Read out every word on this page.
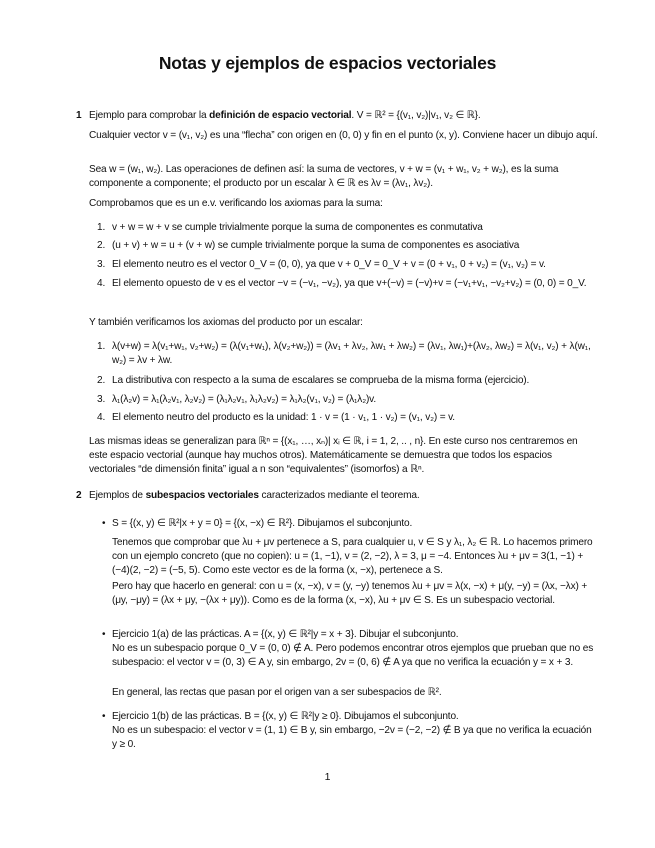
Notas y ejemplos de espacios vectoriales
1 Ejemplo para comprobar la definición de espacio vectorial. V = ℝ² = {(v₁, v₂)|v₁, v₂ ∈ ℝ}.
Cualquier vector v = (v₁, v₂) es una “flecha” con origen en (0, 0) y fin en el punto (x, y). Conviene hacer un dibujo aquí.
Sea w = (w₁, w₂). Las operaciones de definen así: la suma de vectores, v + w = (v₁ + w₁, v₂ + w₂), es la suma componente a componente; el producto por un escalar λ ∈ ℝ es λv = (λv₁, λv₂).
Comprobamos que es un e.v. verificando los axiomas para la suma:
1. v + w = w + v se cumple trivialmente porque la suma de componentes es conmutativa
2. (u + v) + w = u + (v + w) se cumple trivialmente porque la suma de componentes es asociativa
3. El elemento neutro es el vector 0_V = (0, 0), ya que v + 0_V = 0_V + v = (0 + v₁, 0 + v₂) = (v₁, v₂) = v.
4. El elemento opuesto de v es el vector −v = (−v₁, −v₂), ya que v+(−v) = (−v)+v = (−v₁+v₁, −v₂+v₂) = (0, 0) = 0_V.
Y también verificamos los axiomas del producto por un escalar:
1. λ(v+w) = λ(v₁+w₁, v₂+w₂) = (λ(v₁+w₁), λ(v₂+w₂)) = (λv₁ + λv₂, λw₁ + λw₂) = (λv₁, λw₁)+(λv₂, λw₂) = λ(v₁, v₂) + λ(w₁, w₂) = λv + λw.
2. La distributiva con respecto a la suma de escalares se comprueba de la misma forma (ejercicio).
3. λ₁(λ₂v) = λ₁(λ₂v₁, λ₂v₂) = (λ₁λ₂v₁, λ₁λ₂v₂) = λ₁λ₂(v₁, v₂) = (λ₁λ₂)v.
4. El elemento neutro del producto es la unidad: 1 · v = (1 · v₁, 1 · v₂) = (v₁, v₂) = v.
Las mismas ideas se generalizan para ℝⁿ = {(x₁, …, xₙ)| xᵢ ∈ ℝ, i = 1, 2, .. , n}. En este curso nos centraremos en este espacio vectorial (aunque hay muchos otros). Matemáticamente se demuestra que todos los espacios vectoriales “de dimensión finita” igual a n son “equivalentes” (isomorfos) a ℝⁿ.
2 Ejemplos de subespacios vectoriales caracterizados mediante el teorema.
• S = {(x, y) ∈ ℝ²|x + y = 0} = {(x, −x) ∈ ℝ²}. Dibujamos el subconjunto.
Tenemos que comprobar que λu + μv pertenece a S, para cualquier u, v ∈ S y λ₁, λ₂ ∈ ℝ. Lo hacemos primero con un ejemplo concreto (que no copien): u = (1, −1), v = (2, −2), λ = 3, μ = −4. Entonces λu + μv = 3(1, −1) + (−4)(2, −2) = (−5, 5). Como este vector es de la forma (x, −x), pertenece a S.
Pero hay que hacerlo en general: con u = (x, −x), v = (y, −y) tenemos λu + μv = λ(x, −x) + μ(y, −y) = (λx, −λx) + (μy, −μy) = (λx + μy, −(λx + μy)). Como es de la forma (x, −x), λu + μv ∈ S. Es un subespacio vectorial.
• Ejercicio 1(a) de las prácticas. A = {(x, y) ∈ ℝ²|y = x + 3}. Dibujar el subconjunto.
No es un subespacio porque 0_V = (0, 0) ∉ A. Pero podemos encontrar otros ejemplos que prueban que no es subespacio: el vector v = (0, 3) ∈ A y, sin embargo, 2v = (0, 6) ∉ A ya que no verifica la ecuación y = x + 3.
En general, las rectas que pasan por el origen van a ser subespacios de ℝ².
• Ejercicio 1(b) de las prácticas. B = {(x, y) ∈ ℝ²|y ≥ 0}. Dibujamos el subconjunto.
No es un subespacio: el vector v = (1, 1) ∈ B y, sin embargo, −2v = (−2, −2) ∉ B ya que no verifica la ecuación y ≥ 0.
1
